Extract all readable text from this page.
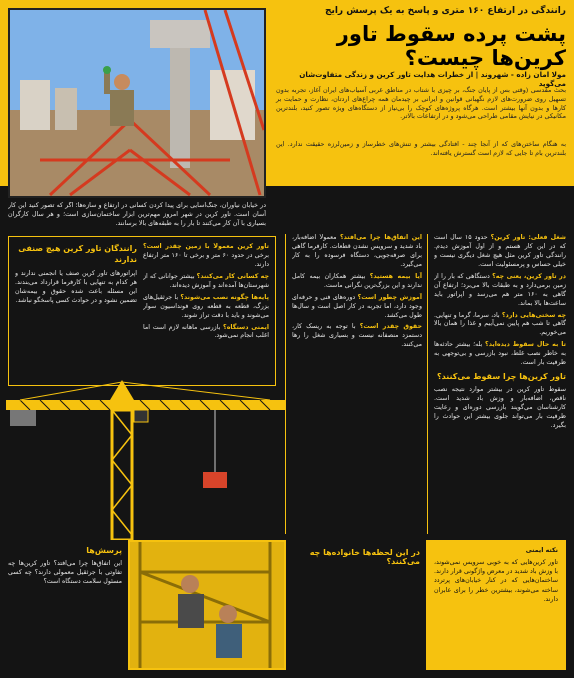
رانندگی در ارتفاع ۱۶۰ متری و پاسخ به یک پرسش رایج
پشت پرده سقوط تاور کرین‌ها چیست؟
مولا امان زاده - شهروند | از خطرات هدایت تاور کرین و زندگی متفاوت‌شان می‌گوید
بحث مقدسی (وقتی بس از پایان جنگ، بر چیزی با شتاب در مناطق غربی آسیاب‌های ایران آغاز، تجربه بدون تسهیل روی ضرورت‌های لازم نگهبانی قوانین و ایرانی بر چیدمان همه چراغ‌های اردتان، نظارت و حمایت بر کارها و بدون آنها بیشتر است. هرگاه پروژه‌های کوچک را بی‌نیاز از دستگاه‌های ویژه تصور کنید، بلندترین مکانیکی در نیایش مقامی طراحی می‌شود و در ارتفاعات بالاتر.
به هنگام ساختن‌های که از آنجا چند - افتادگی بیشتر و تنش‌های خطرساز و زمین‌لرزه حقیقت ندارد. این بلندترین بام تا جایی که لازم است گسترش یافته‌اند.

در خیابان نیاوران، جنگ‌آسایی برای پیدا کردن کسانی در ارتفاع و سازه‌ها؛ اگر که تصور کنید این کار آسان است. تاور کرین در شهر امروز مهم‌ترین ابزار ساختمان‌سازی است؛ و هر سال کارگران بسیاری با آن کار می‌کنند تا بار را به طبقه‌های بالا برسانند.

شغل فعلی: تاور کرین؟ حدود ۱۵ سال است که در این کار هستم و از اول آموزش دیدم. رانندگی تاور کرین مثل هیچ شغل دیگری نیست و خیلی حساس و پرمسئولیت است.

در تاور کرین، یعنی چه؟ دستگاهی که بار را از زمین برمی‌دارد و به طبقات بالا می‌برد؛ ارتفاع آن گاهی به ۱۶۰ متر هم می‌رسد و اپراتور باید ساعت‌ها بالا بماند.

چه سختی‌هایی دارد؟ باد، سرما، گرما و تنهایی. گاهی تا شب هم پایین نمی‌آییم و غذا را همان بالا می‌خوریم.

تا به حال سقوط دیده‌اید؟ بله؛ بیشتر حادثه‌ها به خاطر نصب غلط، نبود بازرسی و بی‌توجهی به ظرفیت بار است.

تاور کرین‌ها چرا سقوط می‌کنند؟

سقوط تاور کرین در بیشتر موارد نتیجه نصب ناقص، اضافه‌بار و وزش باد شدید است. کارشناسان می‌گویند بازرسی دوره‌ای و رعایت ظرفیت بار می‌تواند جلوی بیشتر این حوادث را بگیرد.

این اتفاق‌ها چرا می‌افتد؟ معمولاً اضافه‌بار، باد شدید و سرویس نشدن قطعات. کارفرما گاهی برای صرفه‌جویی، دستگاه فرسوده را به کار می‌گیرد.

آیا بیمه هستید؟ بیشتر همکاران بیمه کامل ندارند و این بزرگ‌ترین نگرانی ماست.

آموزش چطور است؟ دوره‌های فنی و حرفه‌ای وجود دارد، اما تجربه در کار اصل است و سال‌ها طول می‌کشد.

حقوق چقدر است؟ با توجه به ریسک کار، دستمزد منصفانه نیست و بسیاری شغل را رها می‌کنند.

رانندگان تاور کرین هیچ صنفی ندارند

اپراتورهای تاور کرین صنف یا انجمنی ندارند و هر کدام به تنهایی با کارفرما قرارداد می‌بندند. این مسئله باعث شده حقوق و بیمه‌شان تضمین نشود و در حوادث کسی پاسخگو نباشد.

تاور کرین معمولاً با زمین چقدر است؟ برخی در حدود ۶۰ متر و برخی تا ۱۶۰ متر ارتفاع دارند.

چه کسانی کار می‌کنند؟ بیشتر جوانانی که از شهرستان‌ها آمده‌اند و آموزش دیده‌اند.

پایه‌ها چگونه نصب می‌شوند؟ با جرثقیل‌های بزرگ، قطعه به قطعه روی فونداسیون سوار می‌شوند و باید با دقت تراز شوند.

ایمنی دستگاه؟ بازرسی ماهانه لازم است اما اغلب انجام نمی‌شود.

نکته ایمنی
تاور کرین‌هایی که به خوبی سرویس نمی‌شوند، با وزش باد شدید در معرض واژگونی قرار دارند. ساختمان‌هایی که در کنار خیابان‌های پرتردد ساخته می‌شوند، بیشترین خطر را برای عابران دارند.
پرسش‌ها

این اتفاق‌ها چرا می‌افتد؟ تاور کرین‌ها چه تفاوتی با جرثقیل معمولی دارند؟ چه کسی مسئول سلامت دستگاه است؟

در این لحظه‌ها خانواده‌ها چه می‌کنند؟
